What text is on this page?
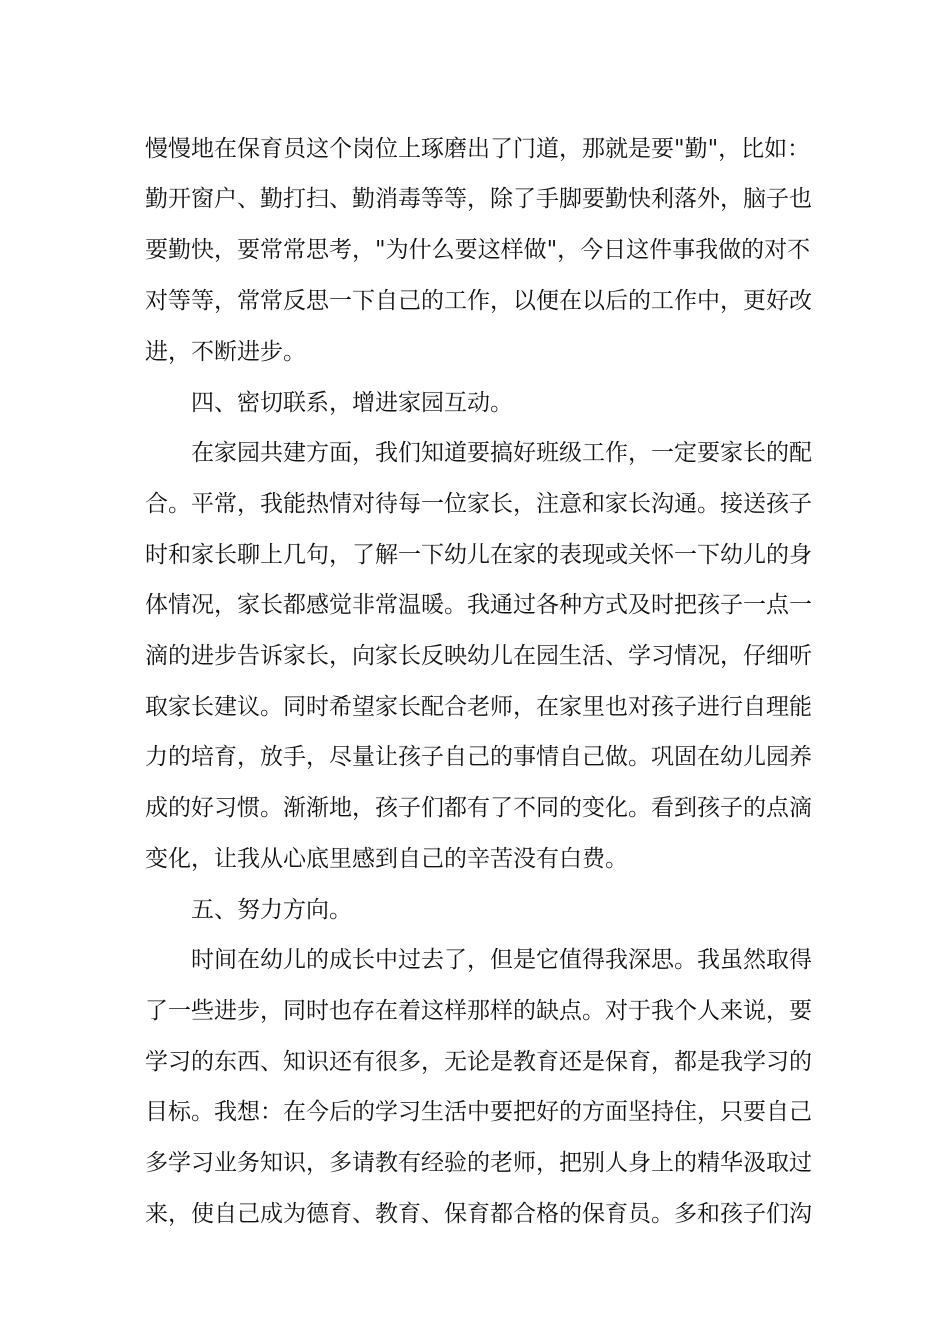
慢慢地在保育员这个岗位上琢磨出了门道，那就是要"勤"，比如：
勤开窗户、勤打扫、勤消毒等等，除了手脚要勤快利落外，脑子也
要勤快，要常常思考，"为什么要这样做"，今日这件事我做的对不
对等等，常常反思一下自己的工作，以便在以后的工作中，更好改
进，不断进步。
四、密切联系，增进家园互动。
在家园共建方面，我们知道要搞好班级工作，一定要家长的配
合。平常，我能热情对待每一位家长，注意和家长沟通。接送孩子
时和家长聊上几句，了解一下幼儿在家的表现或关怀一下幼儿的身
体情况，家长都感觉非常温暖。我通过各种方式及时把孩子一点一
滴的进步告诉家长，向家长反映幼儿在园生活、学习情况，仔细听
取家长建议。同时希望家长配合老师，在家里也对孩子进行自理能
力的培育，放手，尽量让孩子自己的事情自己做。巩固在幼儿园养
成的好习惯。渐渐地，孩子们都有了不同的变化。看到孩子的点滴
变化，让我从心底里感到自己的辛苦没有白费。
五、努力方向。
时间在幼儿的成长中过去了，但是它值得我深思。我虽然取得
了一些进步，同时也存在着这样那样的缺点。对于我个人来说，要
学习的东西、知识还有很多，无论是教育还是保育，都是我学习的
目标。我想：在今后的学习生活中要把好的方面坚持住，只要自己
多学习业务知识，多请教有经验的老师，把别人身上的精华汲取过
来，使自己成为德育、教育、保育都合格的保育员。多和孩子们沟
